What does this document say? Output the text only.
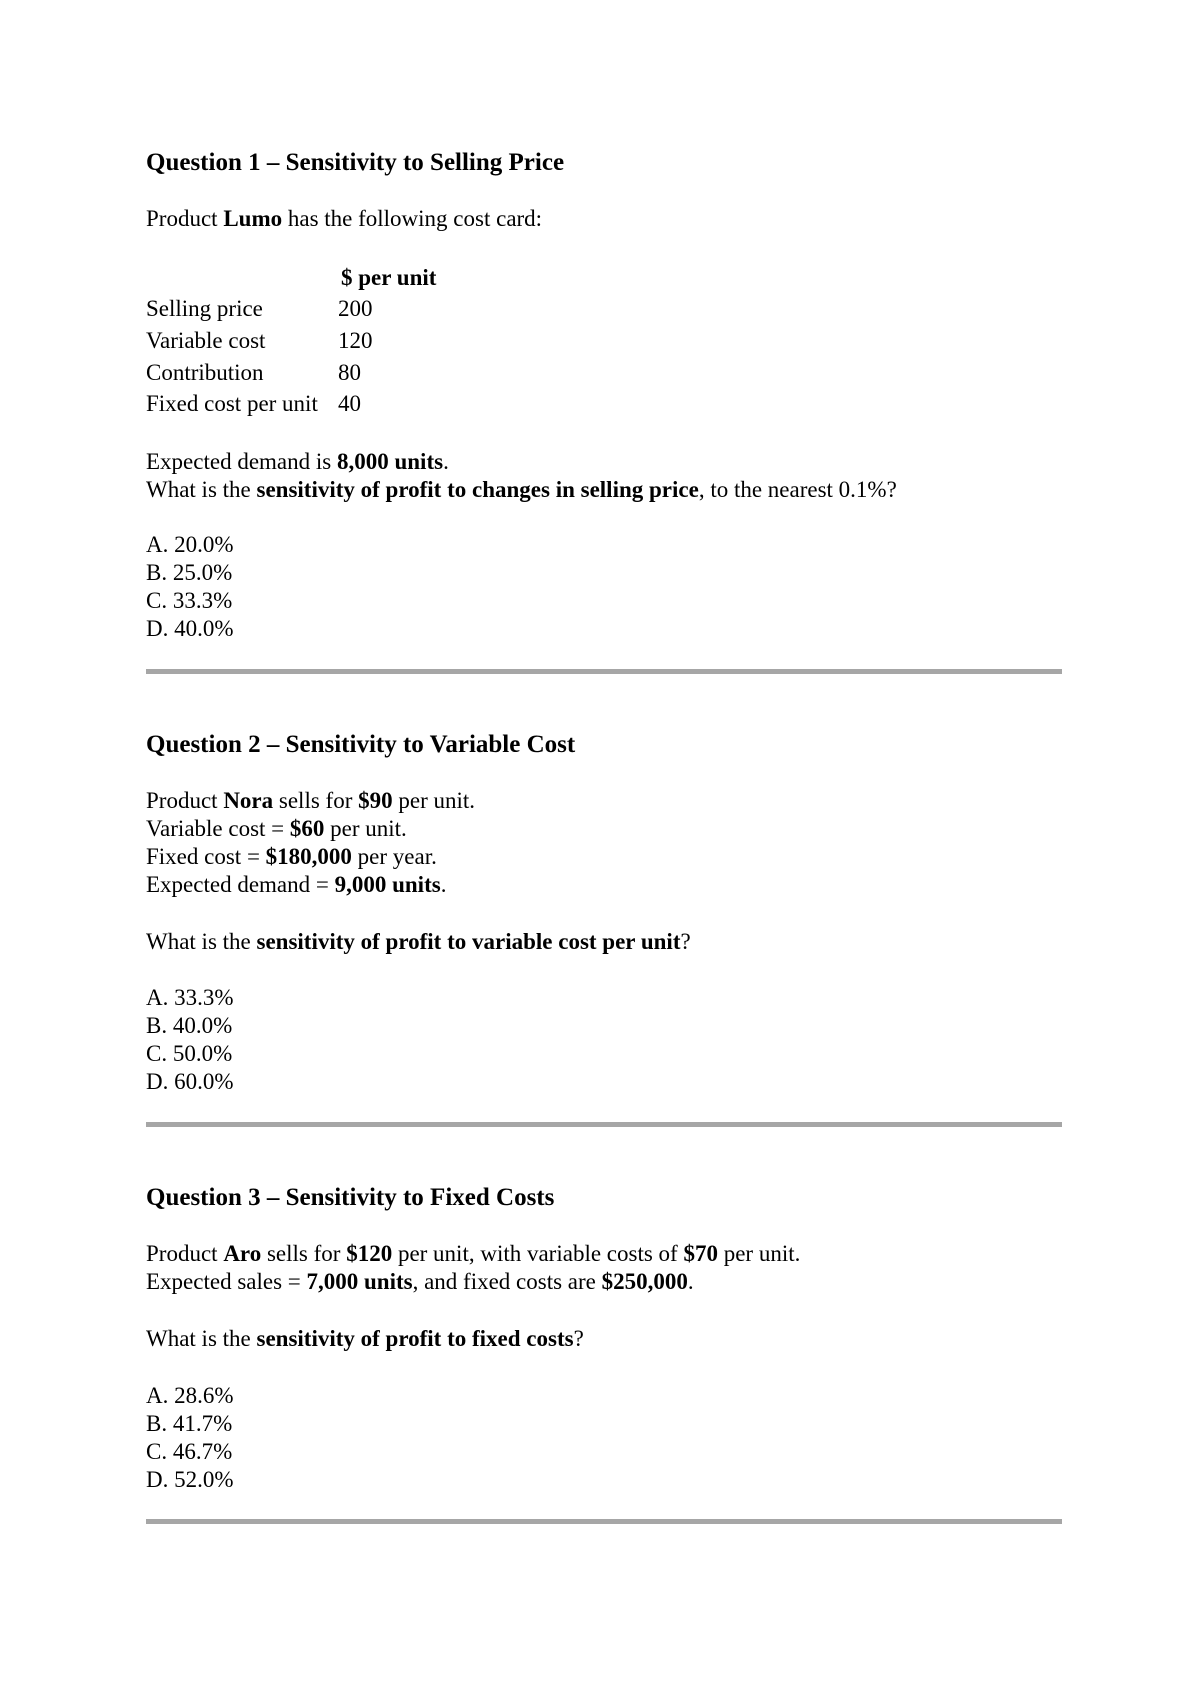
Question 1 – Sensitivity to Selling Price
Product Lumo has the following cost card:
$ per unit
Selling price	200
Variable cost	120
Contribution	80
Fixed cost per unit 40
Expected demand is 8,000 units.
What is the sensitivity of profit to changes in selling price, to the nearest 0.1%?
A. 20.0%
B. 25.0%
C. 33.3%
D. 40.0%
Question 2 – Sensitivity to Variable Cost
Product Nora sells for $90 per unit.
Variable cost = $60 per unit.
Fixed cost = $180,000 per year.
Expected demand = 9,000 units.
What is the sensitivity of profit to variable cost per unit?
A. 33.3%
B. 40.0%
C. 50.0%
D. 60.0%
Question 3 – Sensitivity to Fixed Costs
Product Aro sells for $120 per unit, with variable costs of $70 per unit.
Expected sales = 7,000 units, and fixed costs are $250,000.
What is the sensitivity of profit to fixed costs?
A. 28.6%
B. 41.7%
C. 46.7%
D. 52.0%
